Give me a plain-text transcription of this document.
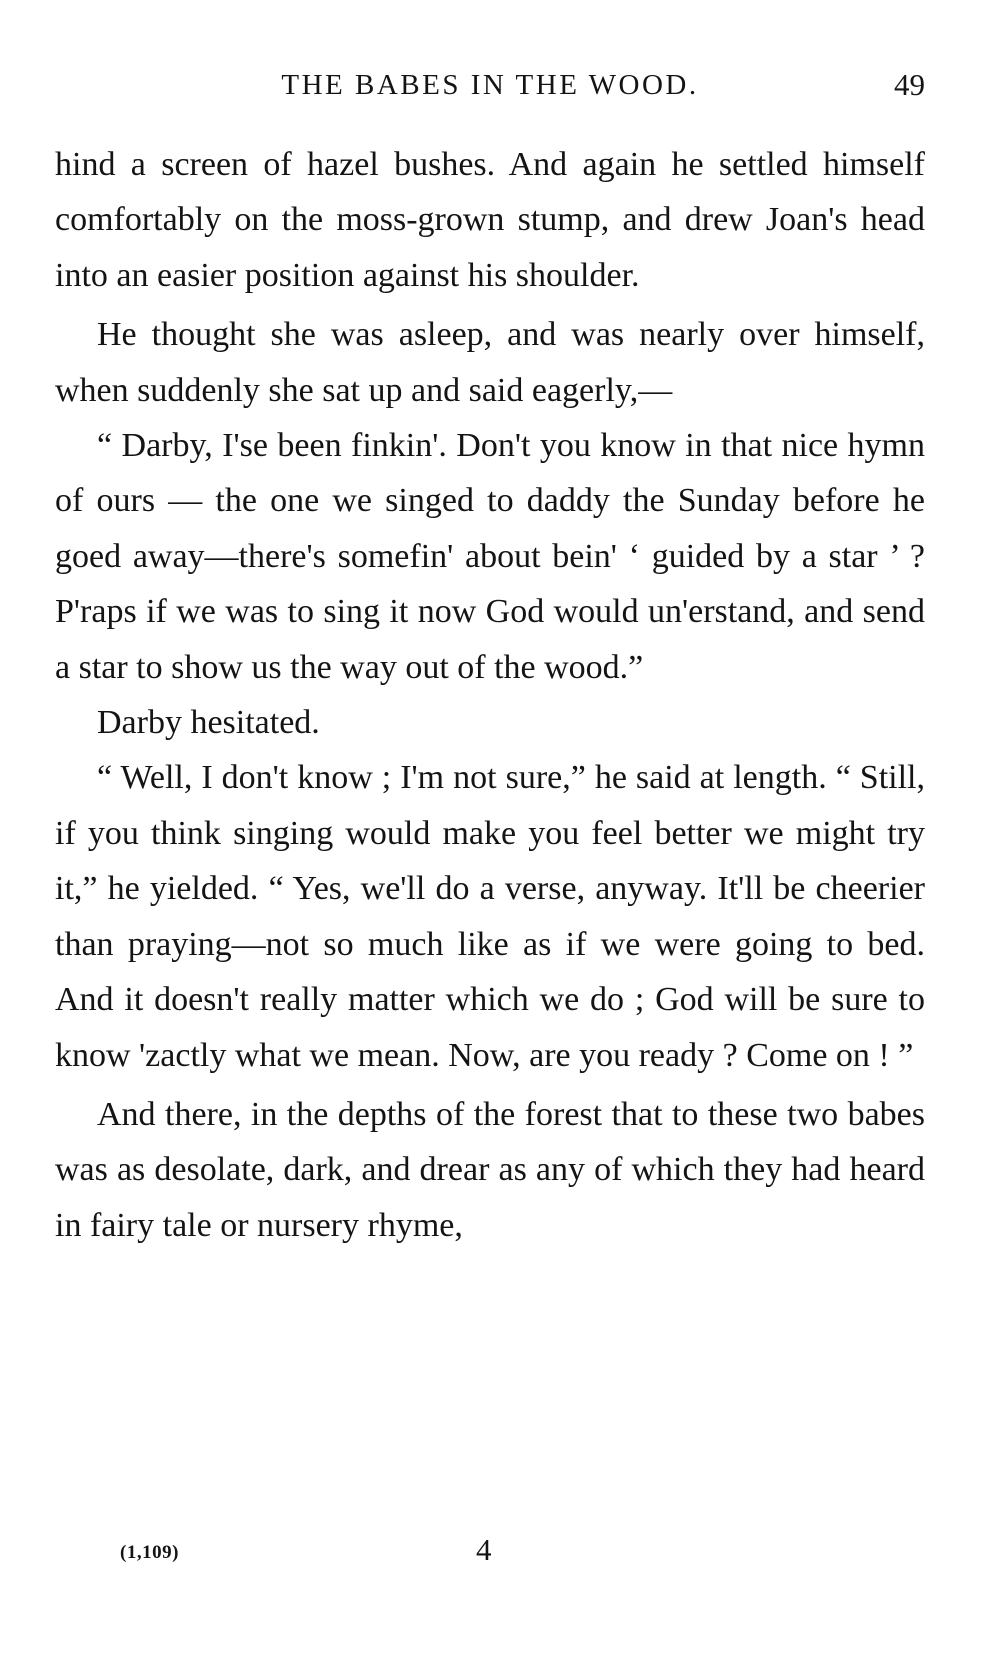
THE BABES IN THE WOOD.	49

hind a screen of hazel bushes. And again he settled himself comfortably on the moss-grown stump, and drew Joan's head into an easier position against his shoulder.

He thought she was asleep, and was nearly over himself, when suddenly she sat up and said eagerly,—

“ Darby, I'se been finkin'. Don't you know in that nice hymn of ours — the one we singed to daddy the Sunday before he goed away—there's somefin' about bein' ‘ guided by a star ’ ? P'raps if we was to sing it now God would un'erstand, and send a star to show us the way out of the wood.”

Darby hesitated.

“ Well, I don't know ; I'm not sure,” he said at length. “ Still, if you think singing would make you feel better we might try it,” he yielded. “ Yes, we'll do a verse, anyway. It'll be cheerier than praying—not so much like as if we were going to bed. And it doesn't really matter which we do ; God will be sure to know 'zactly what we mean. Now, are you ready ? Come on ! ”

And there, in the depths of the forest that to these two babes was as desolate, dark, and drear as any of which they had heard in fairy tale or nursery rhyme,

(1,109)	4
